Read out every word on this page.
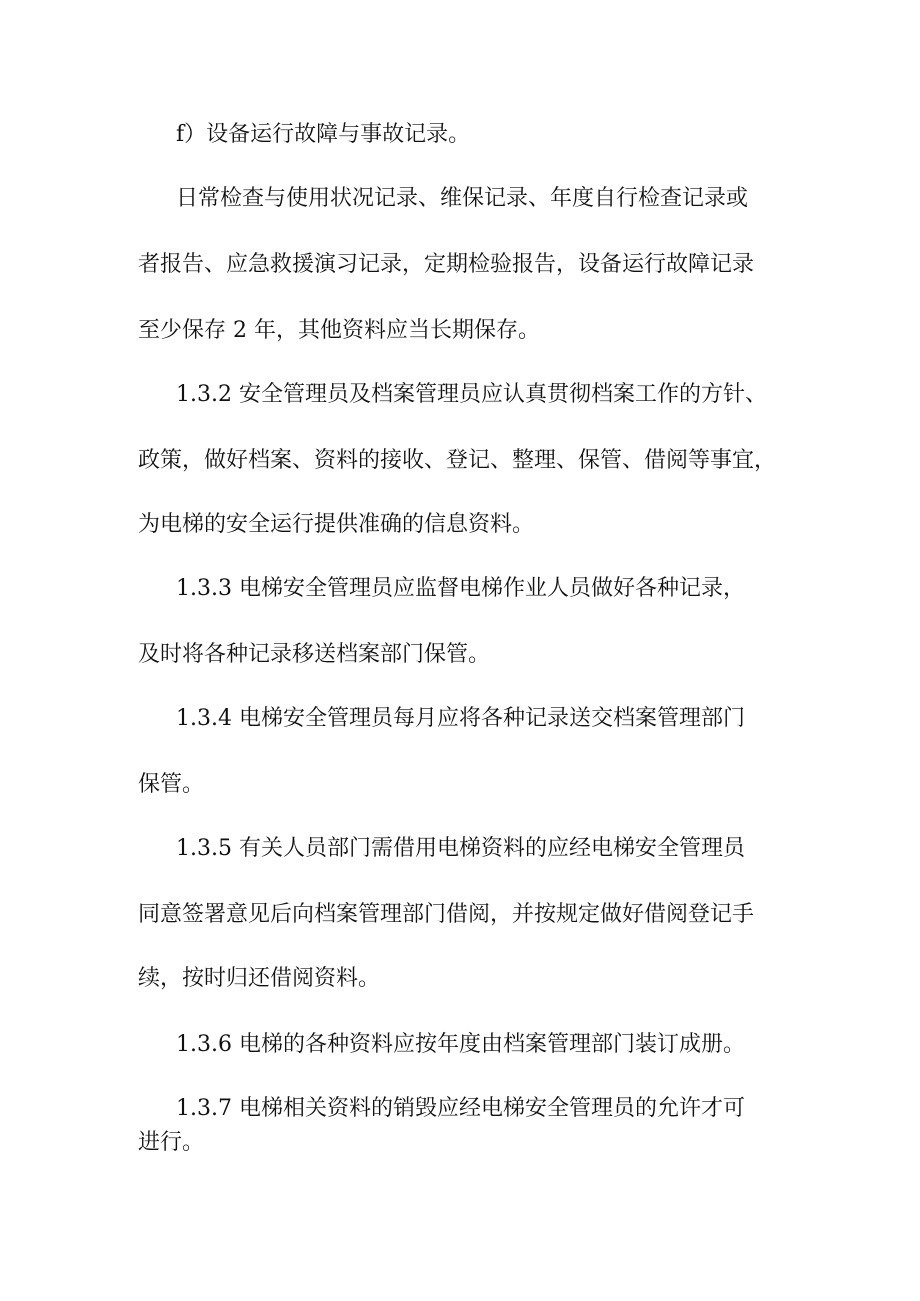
f）设备运行故障与事故记录。

日常检查与使用状况记录、维保记录、年度自行检查记录或

者报告、应急救援演习记录，定期检验报告，设备运行故障记录

至少保存 2 年，其他资料应当长期保存。

1.3.2 安全管理员及档案管理员应认真贯彻档案工作的方针、

政策，做好档案、资料的接收、登记、整理、保管、借阅等事宜，

为电梯的安全运行提供准确的信息资料。

1.3.3 电梯安全管理员应监督电梯作业人员做好各种记录，

及时将各种记录移送档案部门保管。

1.3.4 电梯安全管理员每月应将各种记录送交档案管理部门

保管。

1.3.5 有关人员部门需借用电梯资料的应经电梯安全管理员

同意签署意见后向档案管理部门借阅，并按规定做好借阅登记手

续，按时归还借阅资料。

1.3.6 电梯的各种资料应按年度由档案管理部门装订成册。

1.3.7 电梯相关资料的销毁应经电梯安全管理员的允许才可

进行。
